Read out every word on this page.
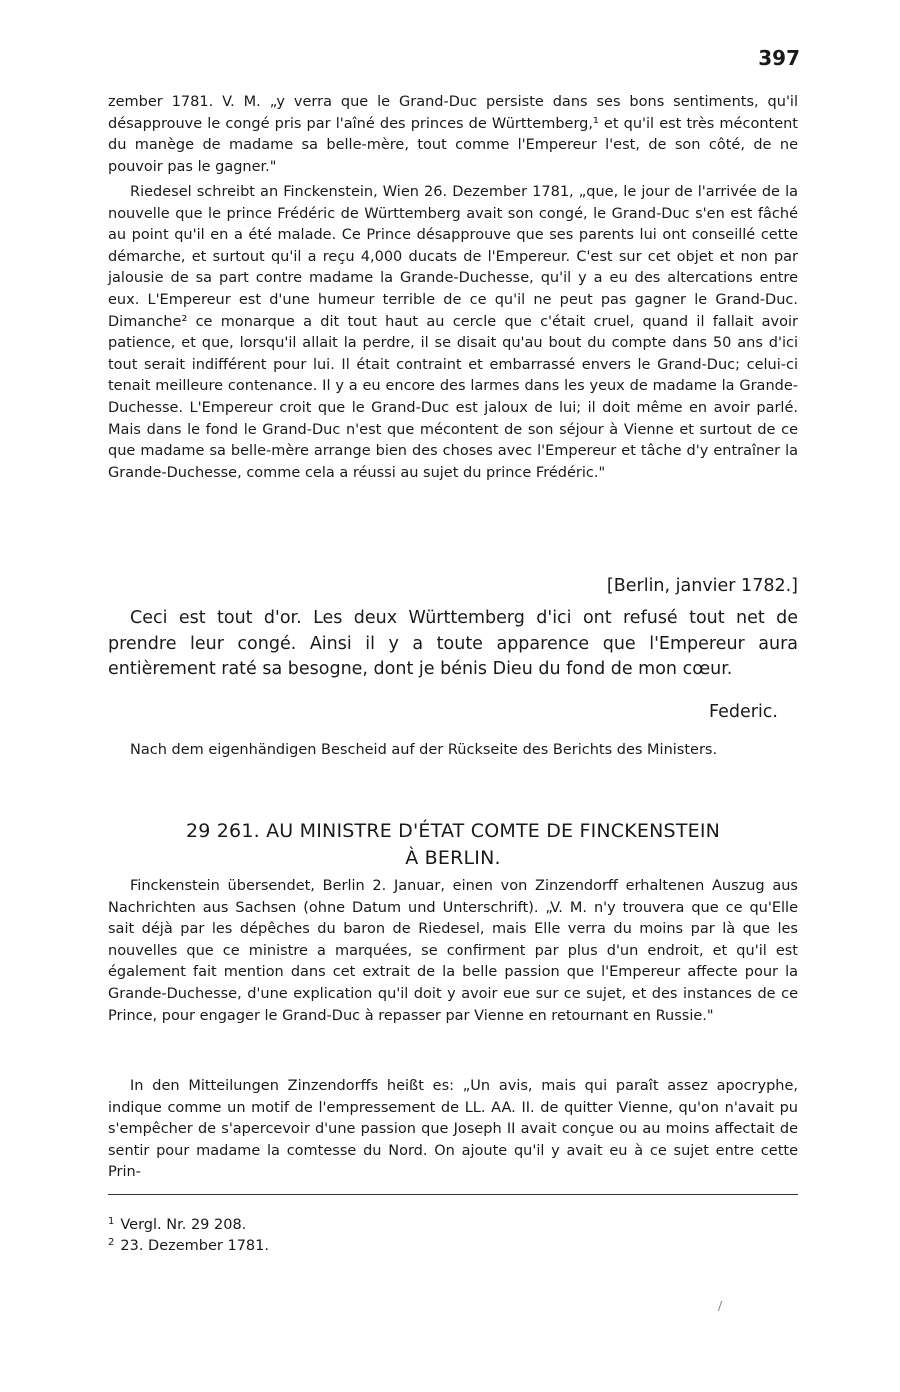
397

zember 1781. V. M. „y verra que le Grand-Duc persiste dans ses bons sentiments, qu'il désapprouve le congé pris par l'aîné des princes de Württemberg,¹ et qu'il est très mécontent du manège de madame sa belle-mère, tout comme l'Empereur l'est, de son côté, de ne pouvoir pas le gagner."

Riedesel schreibt an Finckenstein, Wien 26. Dezember 1781, „que, le jour de l'arrivée de la nouvelle que le prince Frédéric de Württemberg avait son congé, le Grand-Duc s'en est fâché au point qu'il en a été malade. Ce Prince désapprouve que ses parents lui ont conseillé cette démarche, et surtout qu'il a reçu 4,000 ducats de l'Empereur. C'est sur cet objet et non par jalousie de sa part contre madame la Grande-Duchesse, qu'il y a eu des altercations entre eux. L'Empereur est d'une humeur terrible de ce qu'il ne peut pas gagner le Grand-Duc. Dimanche² ce monarque a dit tout haut au cercle que c'était cruel, quand il fallait avoir patience, et que, lorsqu'il allait la perdre, il se disait qu'au bout du compte dans 50 ans d'ici tout serait indifférent pour lui. Il était contraint et embarrassé envers le Grand-Duc; celui-ci tenait meilleure contenance. Il y a eu encore des larmes dans les yeux de madame la Grande-Duchesse. L'Empereur croit que le Grand-Duc est jaloux de lui; il doit même en avoir parlé. Mais dans le fond le Grand-Duc n'est que mécontent de son séjour à Vienne et surtout de ce que madame sa belle-mère arrange bien des choses avec l'Empereur et tâche d'y entraîner la Grande-Duchesse, comme cela a réussi au sujet du prince Frédéric."

[Berlin, janvier 1782.]

Ceci est tout d'or. Les deux Württemberg d'ici ont refusé tout net de prendre leur congé. Ainsi il y a toute apparence que l'Empereur aura entièrement raté sa besogne, dont je bénis Dieu du fond de mon cœur.

Federic.

Nach dem eigenhändigen Bescheid auf der Rückseite des Berichts des Ministers.

29 261. AU MINISTRE D'ÉTAT COMTE DE FINCKENSTEIN
À BERLIN.

Finckenstein übersendet, Berlin 2. Januar, einen von Zinzendorff erhaltenen Auszug aus Nachrichten aus Sachsen (ohne Datum und Unterschrift). „V. M. n'y trouvera que ce qu'Elle sait déjà par les dépêches du baron de Riedesel, mais Elle verra du moins par là que les nouvelles que ce ministre a marquées, se confirment par plus d'un endroit, et qu'il est également fait mention dans cet extrait de la belle passion que l'Empereur affecte pour la Grande-Duchesse, d'une explication qu'il doit y avoir eue sur ce sujet, et des instances de ce Prince, pour engager le Grand-Duc à repasser par Vienne en retournant en Russie."

In den Mitteilungen Zinzendorffs heißt es: „Un avis, mais qui paraît assez apocryphe, indique comme un motif de l'empressement de LL. AA. II. de quitter Vienne, qu'on n'avait pu s'empêcher de s'apercevoir d'une passion que Joseph II avait conçue ou au moins affectait de sentir pour madame la comtesse du Nord. On ajoute qu'il y avait eu à ce sujet entre cette Prin-

$^1$ Vergl. Nr. 29 208.
$^2$ 23. Dezember 1781.
/
